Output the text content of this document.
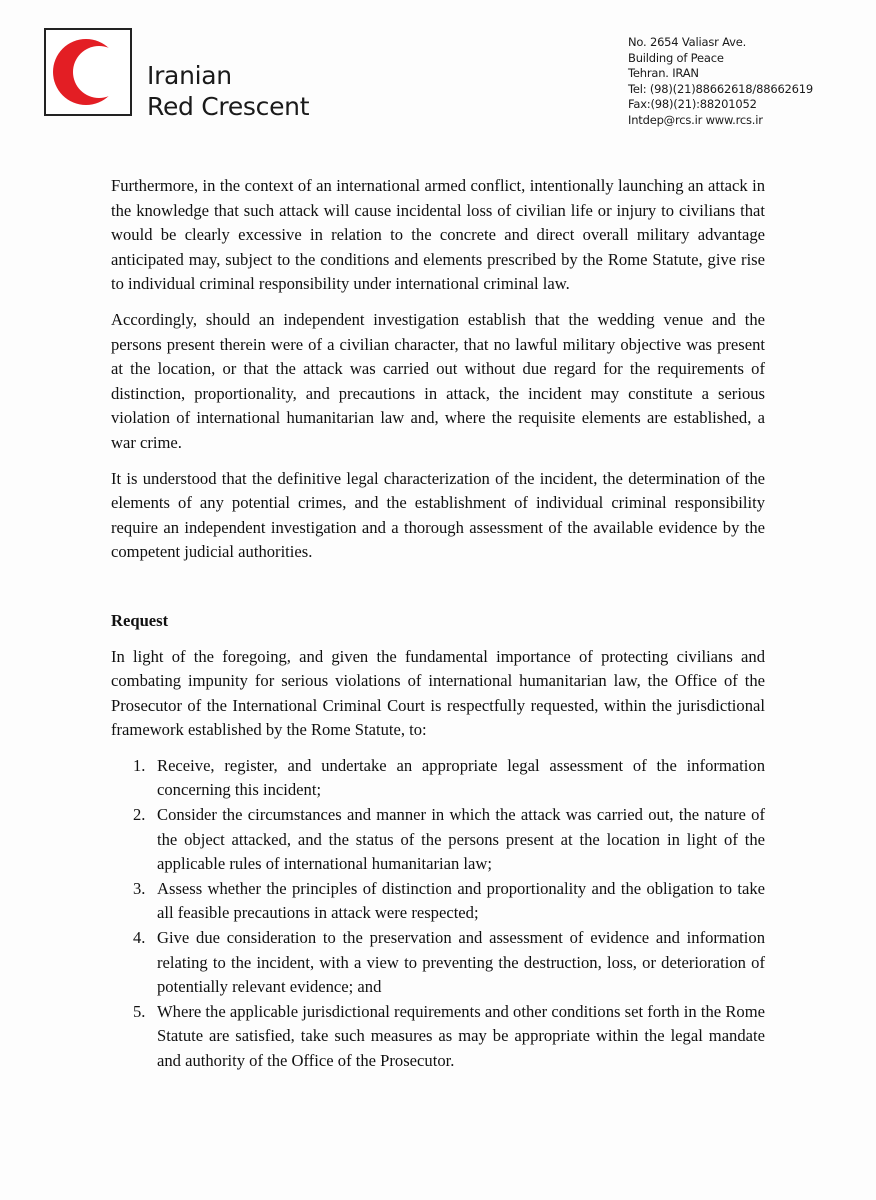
Iranian
Red Crescent
No. 2654 Valiasr Ave.
Building of Peace
Tehran. IRAN
Tel: (98)(21)88662618/88662619
Fax:(98)(21):88201052
Intdep@rcs.ir www.rcs.ir

Furthermore, in the context of an international armed conflict, intentionally launching an attack in the knowledge that such attack will cause incidental loss of civilian life or injury to civilians that would be clearly excessive in relation to the concrete and direct overall military advantage anticipated may, subject to the conditions and elements prescribed by the Rome Statute, give rise to individual criminal responsibility under international criminal law.

Accordingly, should an independent investigation establish that the wedding venue and the persons present therein were of a civilian character, that no lawful military objective was present at the location, or that the attack was carried out without due regard for the requirements of distinction, proportionality, and precautions in attack, the incident may constitute a serious violation of international humanitarian law and, where the requisite elements are established, a war crime.

It is understood that the definitive legal characterization of the incident, the determination of the elements of any potential crimes, and the establishment of individual criminal responsibility require an independent investigation and a thorough assessment of the available evidence by the competent judicial authorities.

Request

In light of the foregoing, and given the fundamental importance of protecting civilians and combating impunity for serious violations of international humanitarian law, the Office of the Prosecutor of the International Criminal Court is respectfully requested, within the jurisdictional framework established by the Rome Statute, to:

1. Receive, register, and undertake an appropriate legal assessment of the information concerning this incident;
2. Consider the circumstances and manner in which the attack was carried out, the nature of the object attacked, and the status of the persons present at the location in light of the applicable rules of international humanitarian law;
3. Assess whether the principles of distinction and proportionality and the obligation to take all feasible precautions in attack were respected;
4. Give due consideration to the preservation and assessment of evidence and information relating to the incident, with a view to preventing the destruction, loss, or deterioration of potentially relevant evidence; and
5. Where the applicable jurisdictional requirements and other conditions set forth in the Rome Statute are satisfied, take such measures as may be appropriate within the legal mandate and authority of the Office of the Prosecutor.
